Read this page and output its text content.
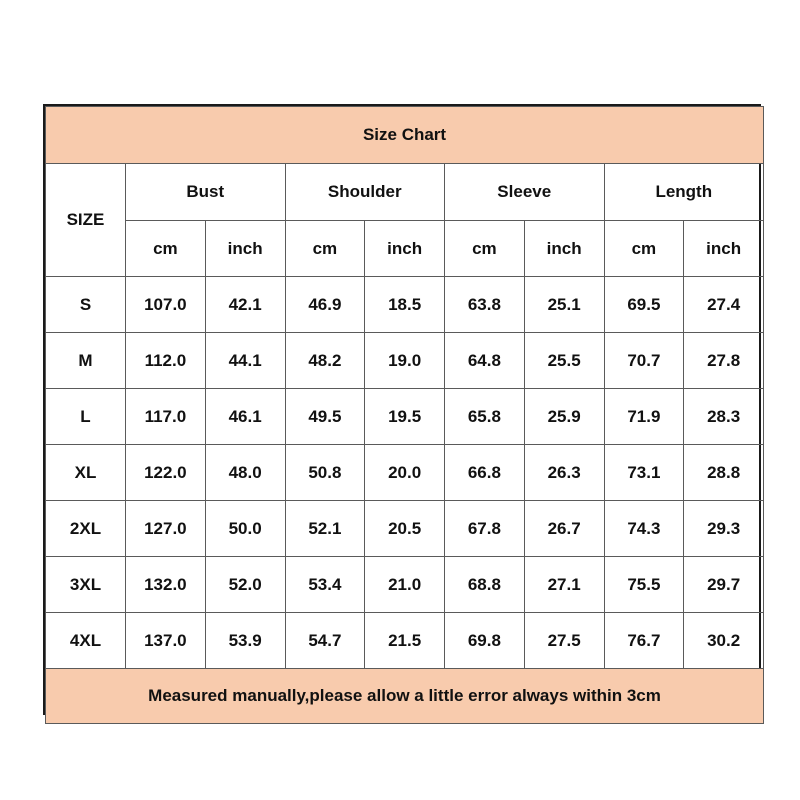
Size Chart								
SIZE	Bust		Shoulder		Sleeve		Length	
	cm	inch	cm	inch	cm	inch	cm	inch
S	107.0	42.1	46.9	18.5	63.8	25.1	69.5	27.4
M	112.0	44.1	48.2	19.0	64.8	25.5	70.7	27.8
L	117.0	46.1	49.5	19.5	65.8	25.9	71.9	28.3
XL	122.0	48.0	50.8	20.0	66.8	26.3	73.1	28.8
2XL	127.0	50.0	52.1	20.5	67.8	26.7	74.3	29.3
3XL	132.0	52.0	53.4	21.0	68.8	27.1	75.5	29.7
4XL	137.0	53.9	54.7	21.5	69.8	27.5	76.7	30.2
Measured manually,please allow a little error always within 3cm								
